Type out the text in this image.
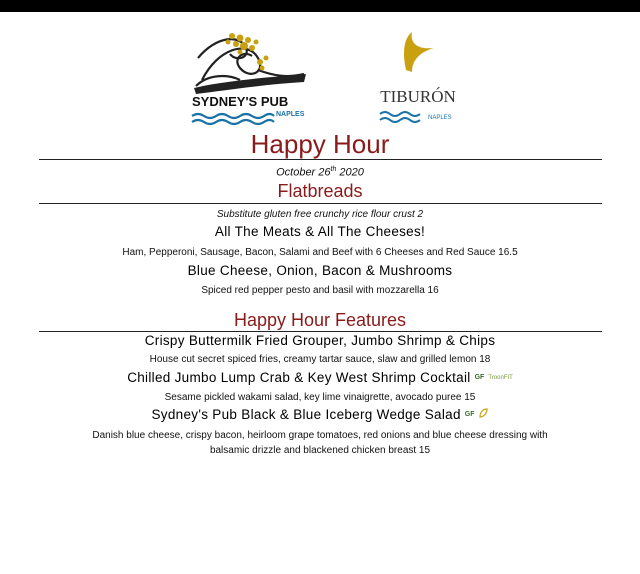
SYDNEY'S PUB
NAPLES
TIBURÓN
NAPLES
Happy Hour
October 26th 2020
Flatbreads
Substitute gluten free crunchy rice flour crust 2
All The Meats & All The Cheeses!
Ham, Pepperoni, Sausage, Bacon, Salami and Beef with 6 Cheeses and Red Sauce 16.5
Blue Cheese, Onion, Bacon & Mushrooms
Spiced red pepper pesto and basil with mozzarella 16
Happy Hour Features
Crispy Buttermilk Fried Grouper, Jumbo Shrimp & Chips
House cut secret spiced fries, creamy tartar sauce, slaw and grilled lemon 18
Chilled Jumbo Lump Crab & Key West Shrimp Cocktail GF TroonFIT
Sesame pickled wakami salad, key lime vinaigrette, avocado puree 15
Sydney's Pub Black & Blue Iceberg Wedge Salad GF
Danish blue cheese, crispy bacon, heirloom grape tomatoes, red onions and blue cheese dressing with
balsamic drizzle and blackened chicken breast 15
